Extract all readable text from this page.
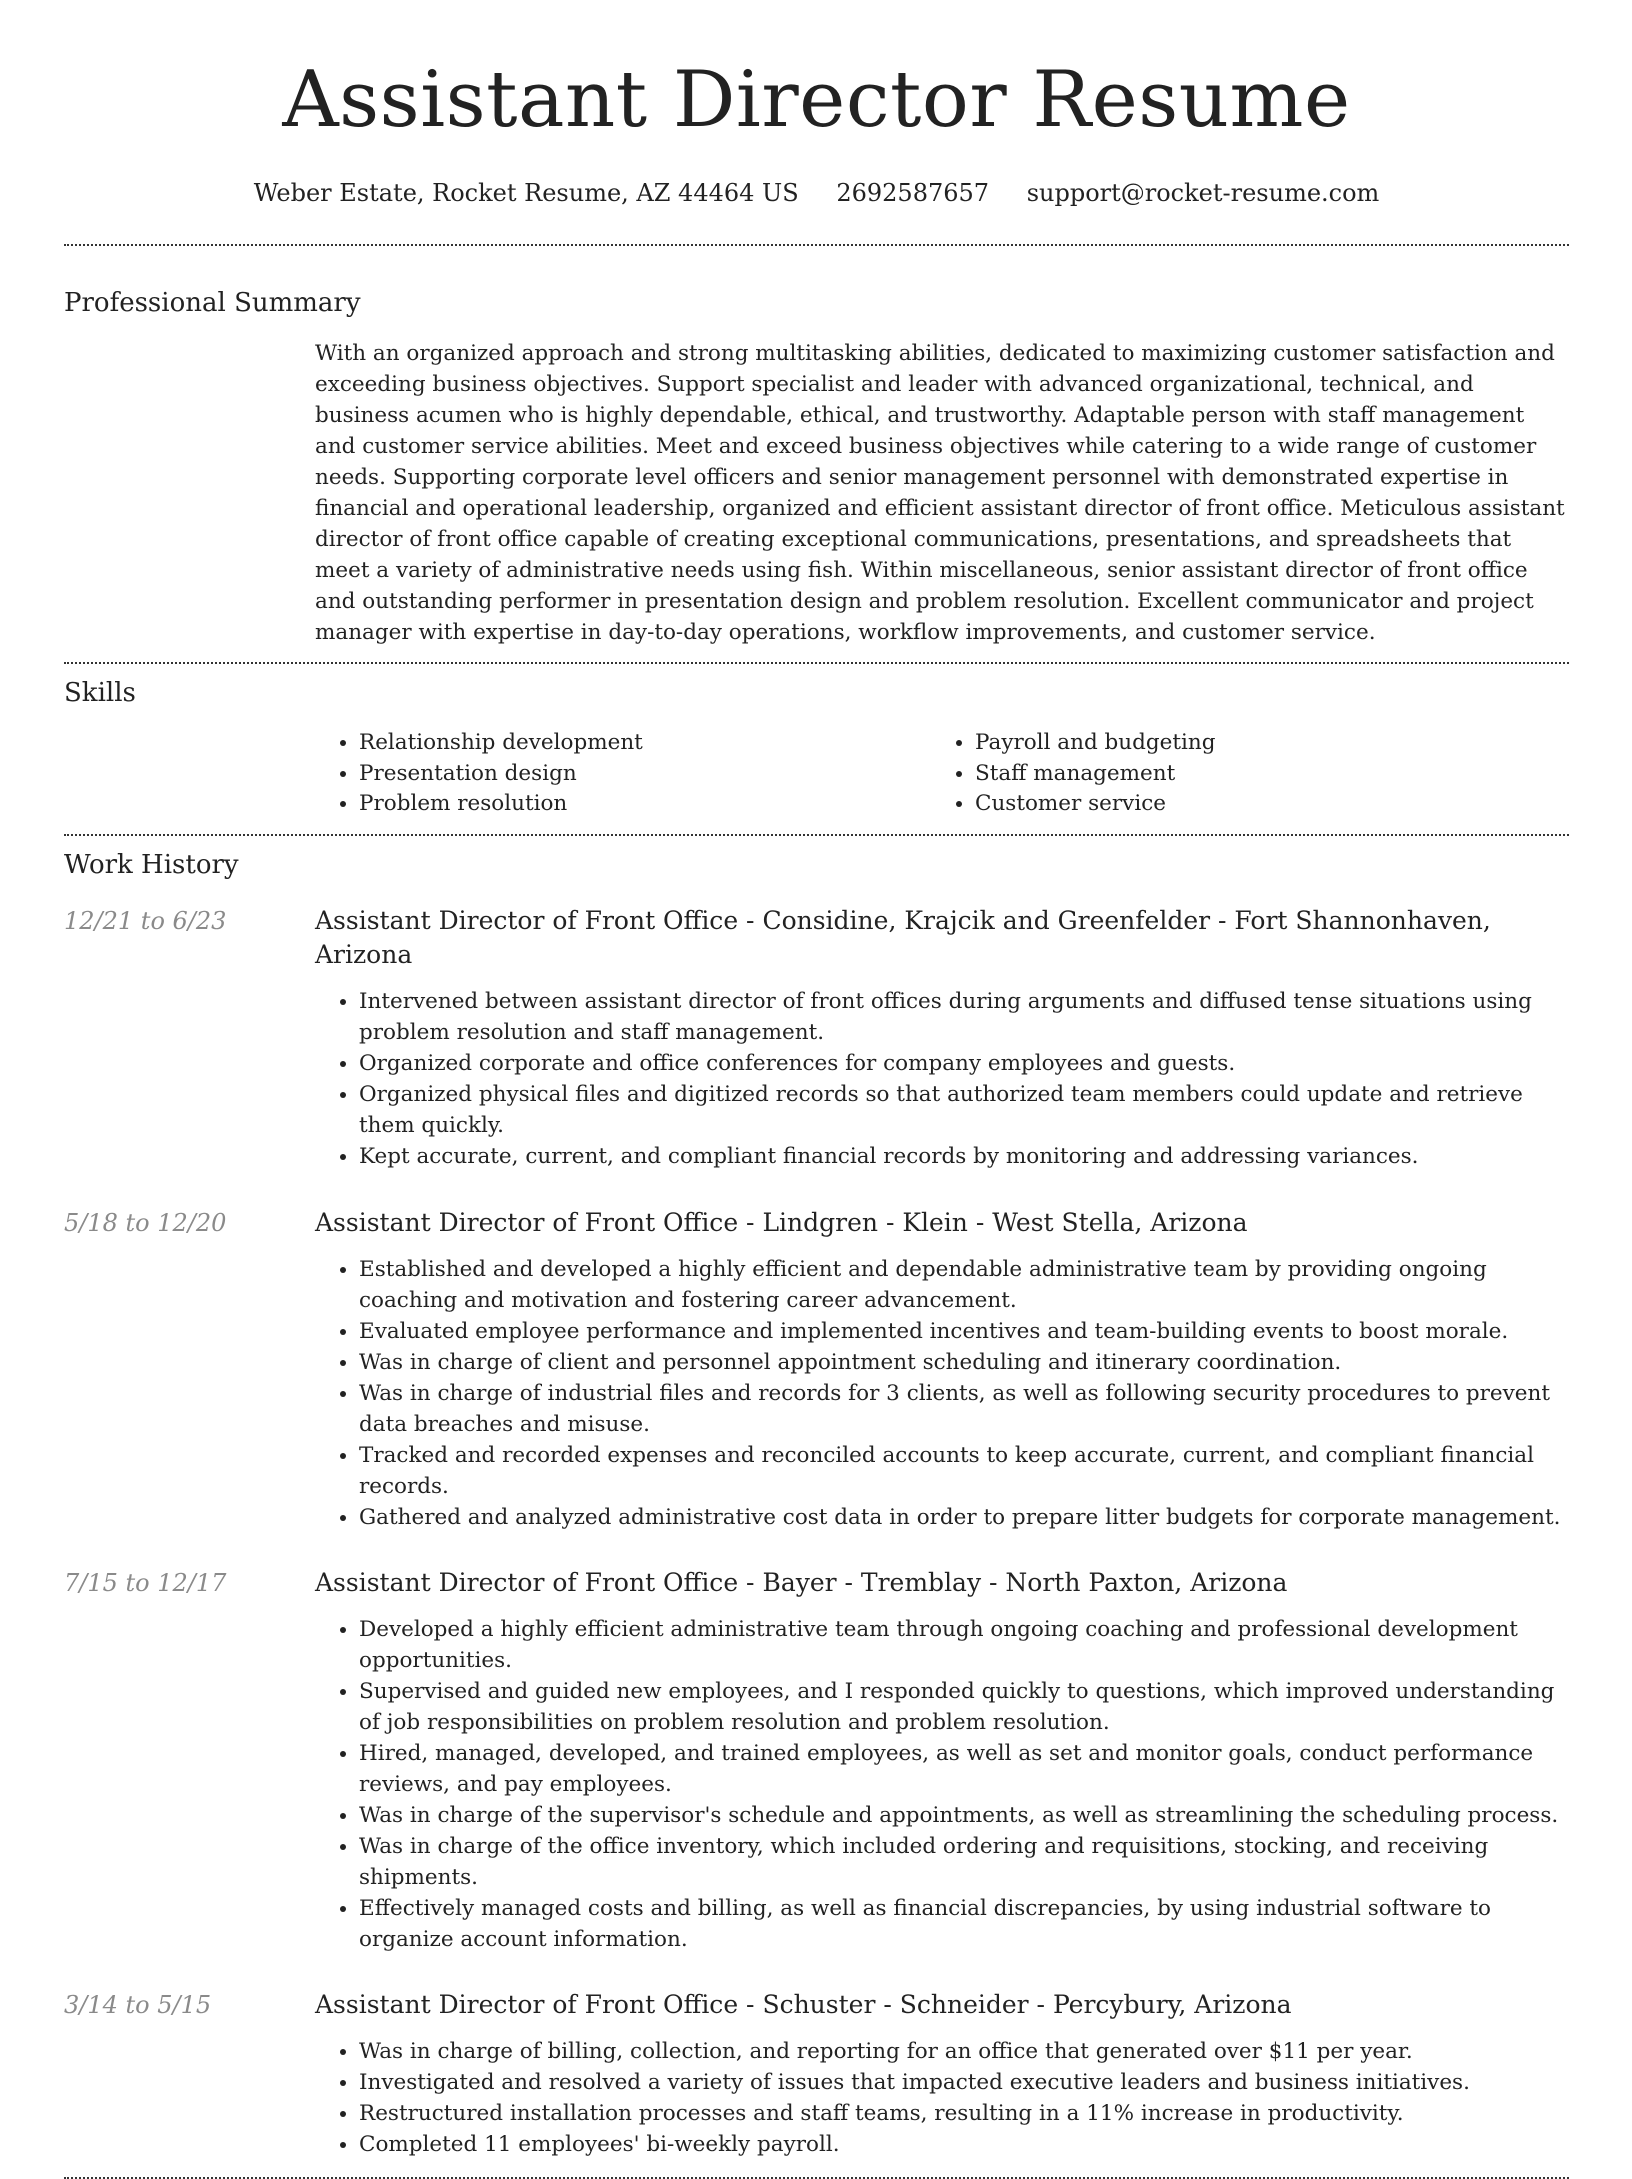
Assistant Director Resume
Weber Estate, Rocket Resume, AZ 44464 US 2692587657 support@rocket-resume.com
Professional Summary

With an organized approach and strong multitasking abilities, dedicated to maximizing customer satisfaction and exceeding business objectives. Support specialist and leader with advanced organizational, technical, and business acumen who is highly dependable, ethical, and trustworthy. Adaptable person with staff management and customer service abilities. Meet and exceed business objectives while catering to a wide range of customer needs. Supporting corporate level officers and senior management personnel with demonstrated expertise in financial and operational leadership, organized and efficient assistant director of front office. Meticulous assistant director of front office capable of creating exceptional communications, presentations, and spreadsheets that meet a variety of administrative needs using fish. Within miscellaneous, senior assistant director of front office and outstanding performer in presentation design and problem resolution. Excellent communicator and project manager with expertise in day-to-day operations, workflow improvements, and customer service.

Skills
• Relationship development
• Presentation design
• Problem resolution
• Payroll and budgeting
• Staff management
• Customer service
Work History
12/21 to 6/23	Assistant Director of Front Office - Considine, Krajcik and Greenfelder - Fort Shannonhaven, Arizona
• Intervened between assistant director of front offices during arguments and diffused tense situations using problem resolution and staff management.
• Organized corporate and office conferences for company employees and guests.
• Organized physical files and digitized records so that authorized team members could update and retrieve them quickly.
• Kept accurate, current, and compliant financial records by monitoring and addressing variances.
5/18 to 12/20	Assistant Director of Front Office - Lindgren - Klein - West Stella, Arizona
• Established and developed a highly efficient and dependable administrative team by providing ongoing coaching and motivation and fostering career advancement.
• Evaluated employee performance and implemented incentives and team-building events to boost morale.
• Was in charge of client and personnel appointment scheduling and itinerary coordination.
• Was in charge of industrial files and records for 3 clients, as well as following security procedures to prevent data breaches and misuse.
• Tracked and recorded expenses and reconciled accounts to keep accurate, current, and compliant financial records.
• Gathered and analyzed administrative cost data in order to prepare litter budgets for corporate management.
7/15 to 12/17	Assistant Director of Front Office - Bayer - Tremblay - North Paxton, Arizona
• Developed a highly efficient administrative team through ongoing coaching and professional development opportunities.
• Supervised and guided new employees, and I responded quickly to questions, which improved understanding of job responsibilities on problem resolution and problem resolution.
• Hired, managed, developed, and trained employees, as well as set and monitor goals, conduct performance reviews, and pay employees.
• Was in charge of the supervisor's schedule and appointments, as well as streamlining the scheduling process.
• Was in charge of the office inventory, which included ordering and requisitions, stocking, and receiving shipments.
• Effectively managed costs and billing, as well as financial discrepancies, by using industrial software to organize account information.
3/14 to 5/15	Assistant Director of Front Office - Schuster - Schneider - Percybury, Arizona
• Was in charge of billing, collection, and reporting for an office that generated over $11 per year.
• Investigated and resolved a variety of issues that impacted executive leaders and business initiatives.
• Restructured installation processes and staff teams, resulting in a 11% increase in productivity.
• Completed 11 employees' bi-weekly payroll.
